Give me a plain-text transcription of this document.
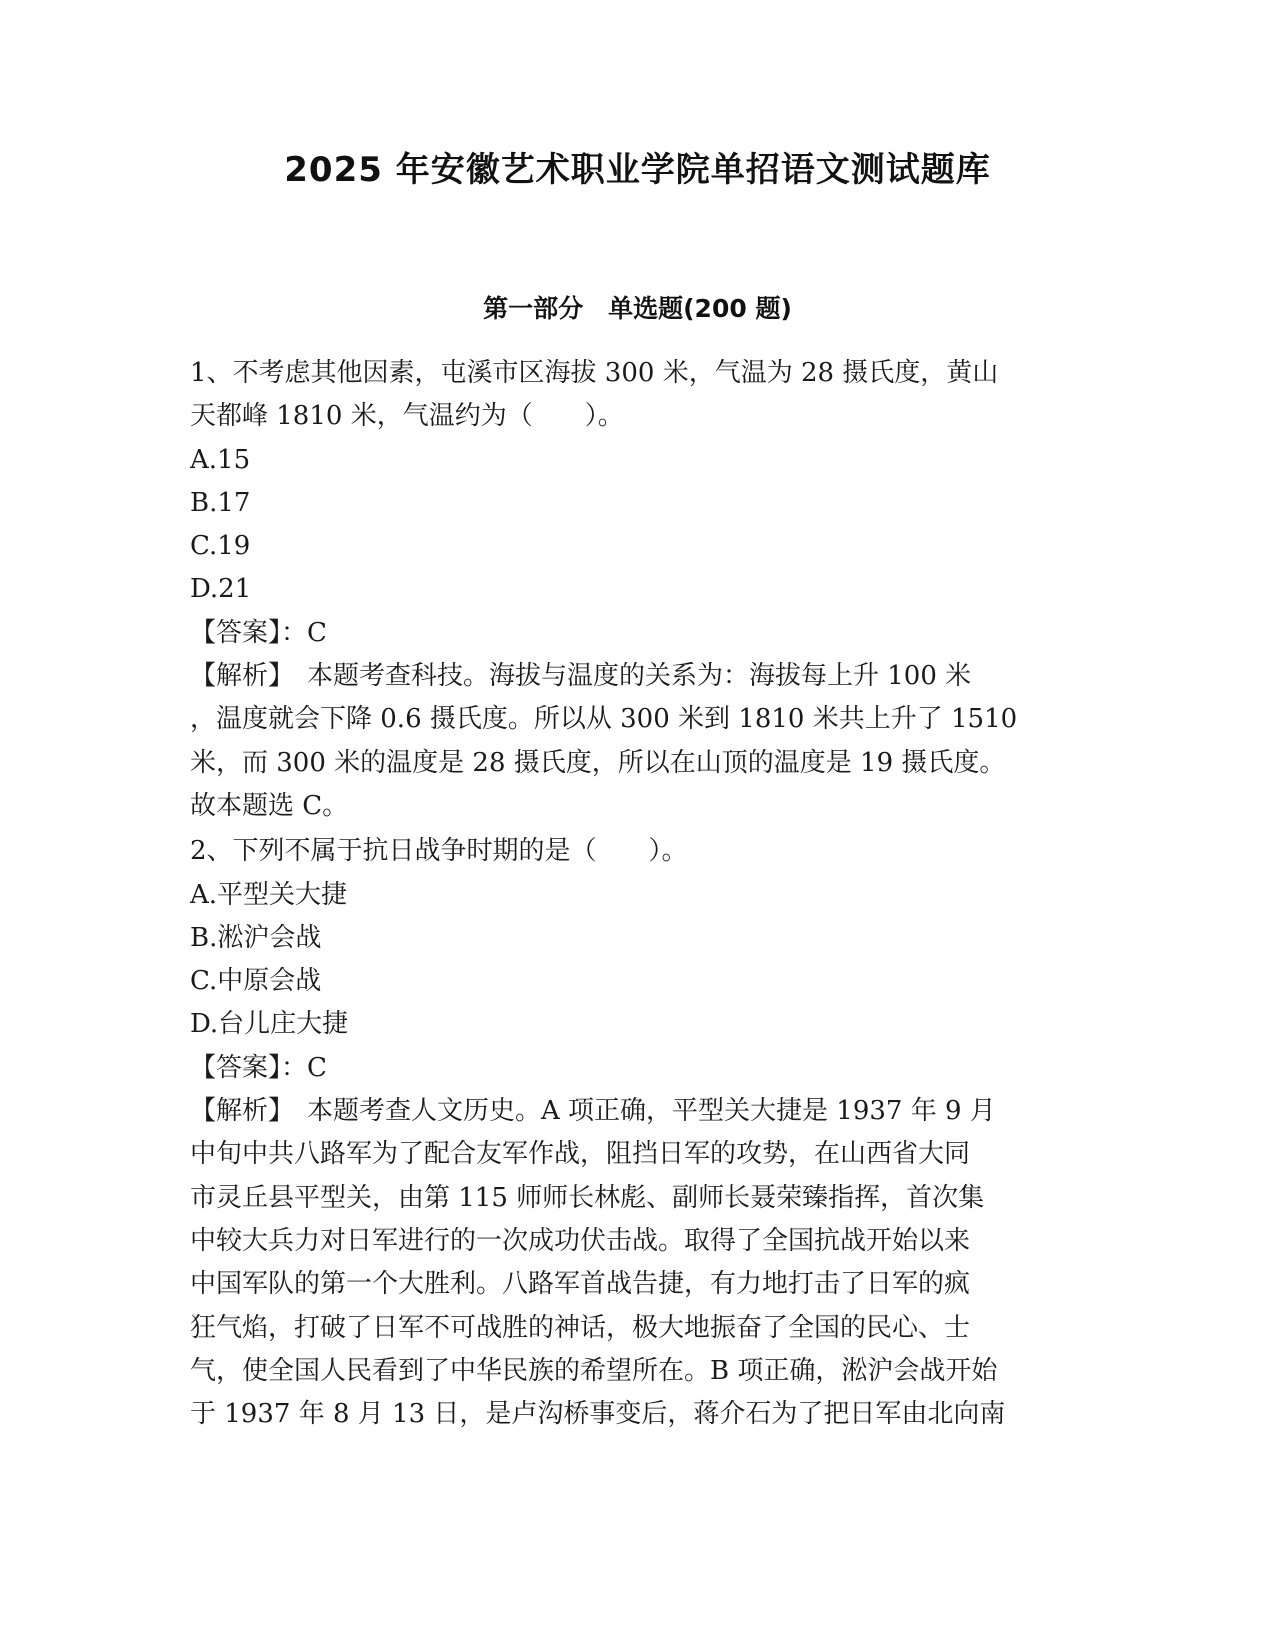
2025 年安徽艺术职业学院单招语文测试题库
第一部分　单选题(200 题)
1、不考虑其他因素，屯溪市区海拔 300 米，气温为 28 摄氏度，黄山
天都峰 1810 米，气温约为（　　）。
A.15
B.17
C.19
D.21
【答案】：C
【解析】　本题考查科技。海拔与温度的关系为：海拔每上升 100 米
，温度就会下降 0.6 摄氏度。所以从 300 米到 1810 米共上升了 1510
米，而 300 米的温度是 28 摄氏度，所以在山顶的温度是 19 摄氏度。
故本题选 C。
2、下列不属于抗日战争时期的是（　　）。
A.平型关大捷
B.淞沪会战
C.中原会战
D.台儿庄大捷
【答案】：C
【解析】　本题考查人文历史。A 项正确，平型关大捷是 1937 年 9 月
中旬中共八路军为了配合友军作战，阻挡日军的攻势，在山西省大同
市灵丘县平型关，由第 115 师师长林彪、副师长聂荣臻指挥，首次集
中较大兵力对日军进行的一次成功伏击战。取得了全国抗战开始以来
中国军队的第一个大胜利。八路军首战告捷，有力地打击了日军的疯
狂气焰，打破了日军不可战胜的神话，极大地振奋了全国的民心、士
气，使全国人民看到了中华民族的希望所在。B 项正确，淞沪会战开始
于 1937 年 8 月 13 日，是卢沟桥事变后，蒋介石为了把日军由北向南
